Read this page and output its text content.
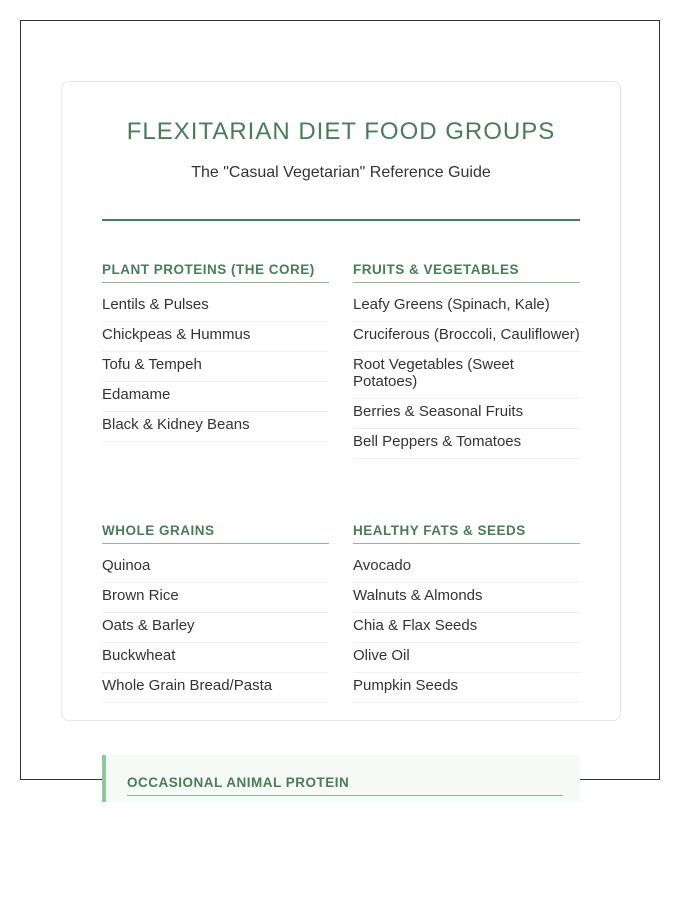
FLEXITARIAN DIET FOOD GROUPS

The "Casual Vegetarian" Reference Guide

PLANT PROTEINS (THE CORE)
Lentils & Pulses
Chickpeas & Hummus
Tofu & Tempeh
Edamame
Black & Kidney Beans
FRUITS & VEGETABLES
Leafy Greens (Spinach, Kale)
Cruciferous (Broccoli, Cauliflower)
Root Vegetables (Sweet Potatoes)
Berries & Seasonal Fruits
Bell Peppers & Tomatoes
WHOLE GRAINS
Quinoa
Brown Rice
Oats & Barley
Buckwheat
Whole Grain Bread/Pasta
HEALTHY FATS & SEEDS
Avocado
Walnuts & Almonds
Chia & Flax Seeds
Olive Oil
Pumpkin Seeds
OCCASIONAL ANIMAL PROTEIN
